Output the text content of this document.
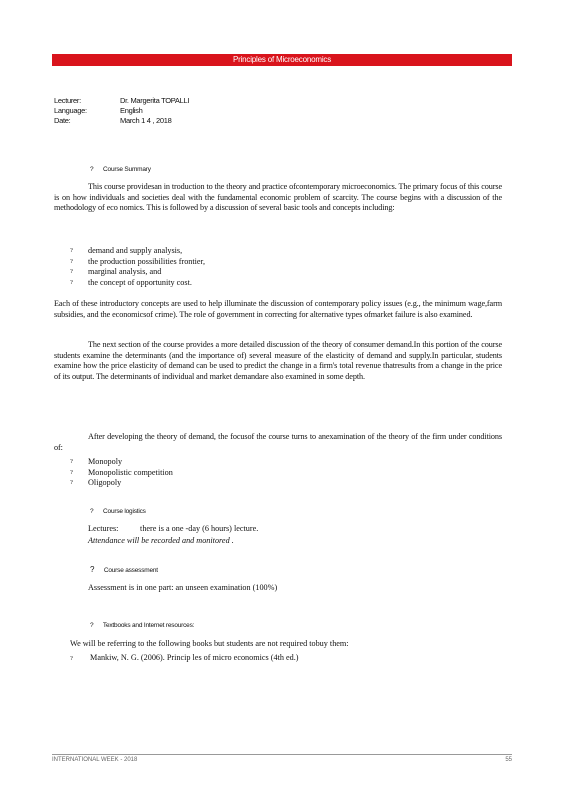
Principles of Microeconomics
Lecturer:	Dr. Margerita TOPALLI
Language:	English
Date:	March 1 4 , 2018
? Course Summary
This course providesan in troduction to the theory and practice ofcontemporary microeconomics. The primary focus of this course is on how individuals and societies deal with the fundamental economic problem of scarcity. The course begins with a discussion of the methodology of eco nomics. This is followed by a discussion of several basic tools and concepts including:
?	demand and supply analysis,
?	the production possibilities frontier,
?	marginal analysis, and
?	the concept of opportunity cost.
Each of these introductory concepts are used to help illuminate the discussion of contemporary policy issues (e.g., the minimum wage,farm subsidies, and the economicsof crime). The role of government in correcting for alternative types ofmarket failure is also examined.
The next section of the course provides a more detailed discussion of the theory of consumer demand.In this portion of the course students examine the determinants (and the importance of) several measure of the elasticity of demand and supply.In particular, students examine how the price elasticity of demand can be used to predict the change in a firm's total revenue thatresults from a change in the price of its output. The determinants of individual and market demandare also examined in some depth.
After developing the theory of demand, the focusof the course turns to anexamination of the theory of the firm under conditions of:
?	Monopoly
?	Monopolistic competition
?	Oligopoly
? Course logistics
Lectures:	there is a one -day (6 hours) lecture.
Attendance will be recorded and monitored .
? Course assessment
Assessment is in one part: an unseen examination (100%)
? Textbooks and Internet resources:
We will be referring to the following books but students are not required tobuy them:
? Mankiw, N. G. (2006). Princip les of micro economics (4th ed.)
INTERNATIONAL WEEK - 2018	55
